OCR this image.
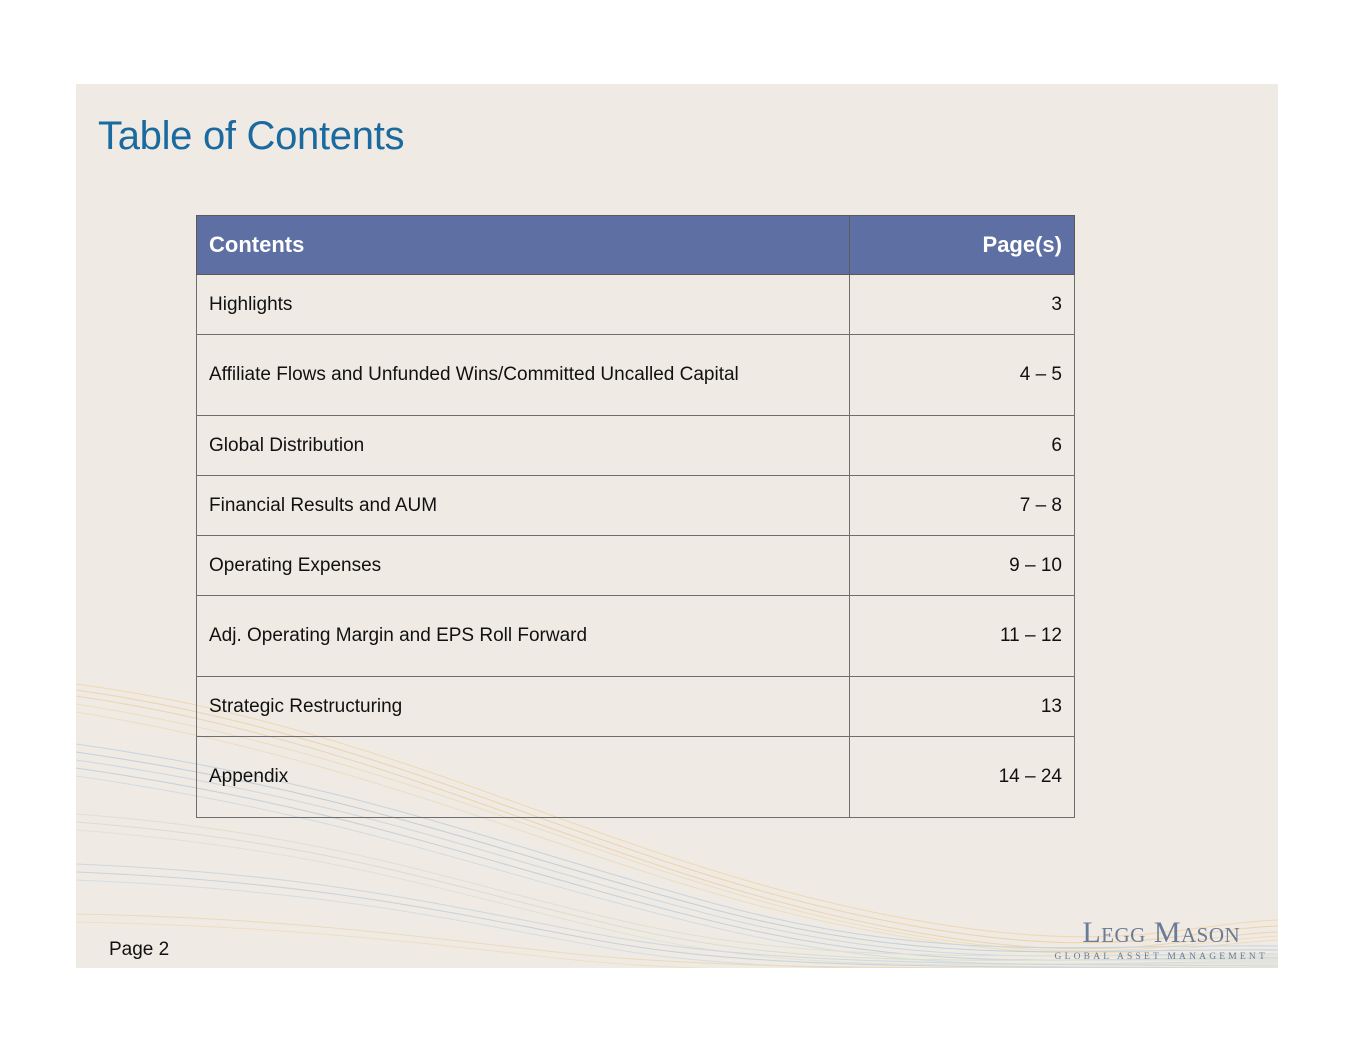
Table of Contents
Contents	Page(s)
Highlights	3
Affiliate Flows and Unfunded Wins/Committed Uncalled Capital	4 – 5
Global Distribution	6
Financial Results and AUM	7 – 8
Operating Expenses	9 – 10
Adj. Operating Margin and EPS Roll Forward	11 – 12
Strategic Restructuring	13
Appendix	14 – 24
Page 2
Legg Mason
GLOBAL ASSET MANAGEMENT
